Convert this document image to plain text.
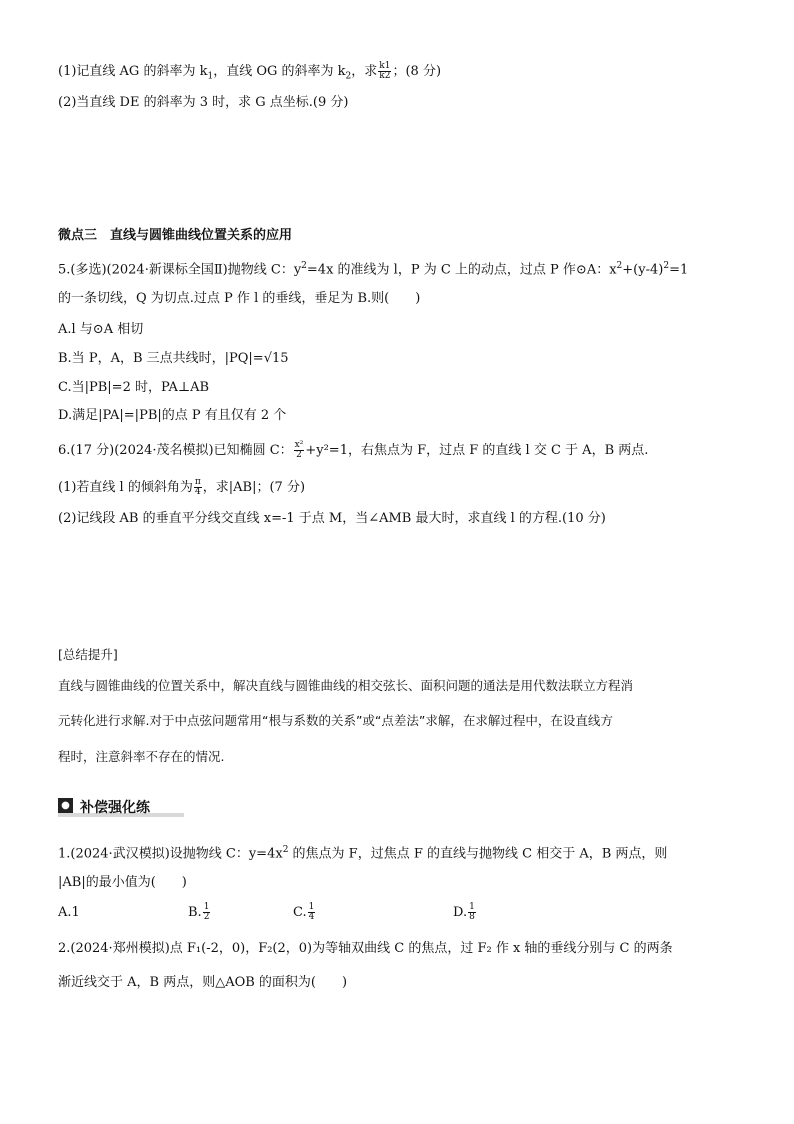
(1)记直线 AG 的斜率为 $k_1$，直线 OG 的斜率为 $k_2$，求 $\frac{k1}{k2}$ ；(8 分)
(2)当直线 DE 的斜率为 3 时，求 G 点坐标.(9 分)
微点三　直线与圆锥曲线位置关系的应用
5.(多选)(2024·新课标全国Ⅱ)抛物线 C：$y^2=4x$ 的准线为 l，P 为 C 上的动点，过点 P 作⊙A：$x^2+(y-4)^2=1$
的一条切线，Q 为切点.过点 P 作 l 的垂线，垂足为 B.则(　　)
A.l 与⊙A 相切
B.当 P，A，B 三点共线时，|PQ|=√15
C.当|PB|=2 时，PA⊥AB
D.满足|PA|=|PB|的点 P 有且仅有 2 个
6.(17 分)(2024·茂名模拟)已知椭圆 C： $\frac{\text{x²}}{2} +y^2=1$，右焦点为 F，过点 F 的直线 l 交 C 于 A，B 两点.
(1)若直线 l 的倾斜角为 $\frac{\pi}{4}$ ，求|AB|；(7 分)
(2)记线段 AB 的垂直平分线交直线 x=-1 于点 M，当∠AMB 最大时，求直线 l 的方程.(10 分)
[总结提升]
直线与圆锥曲线的位置关系中，解决直线与圆锥曲线的相交弦长、面积问题的通法是用代数法联立方程消
元转化进行求解.对于中点弦问题常用“根与系数的关系”或“点差法”求解，在求解过程中，在设直线方
程时，注意斜率不存在的情况.
● 补偿强化练
1.(2024·武汉模拟)设抛物线 C：$y=4x^2$ 的焦点为 F，过焦点 F 的直线与抛物线 C 相交于 A，B 两点，则
|AB|的最小值为(　　)
A.1	B. $\frac{1}{2}$	C. $\frac{1}{4}$	D. $\frac{1}{8}$
2.(2024·郑州模拟)点 F₁(-2，0)，F₂(2，0)为等轴双曲线 C 的焦点，过 F₂ 作 x 轴的垂线分别与 C 的两条
渐近线交于 A，B 两点，则△AOB 的面积为(　　)
